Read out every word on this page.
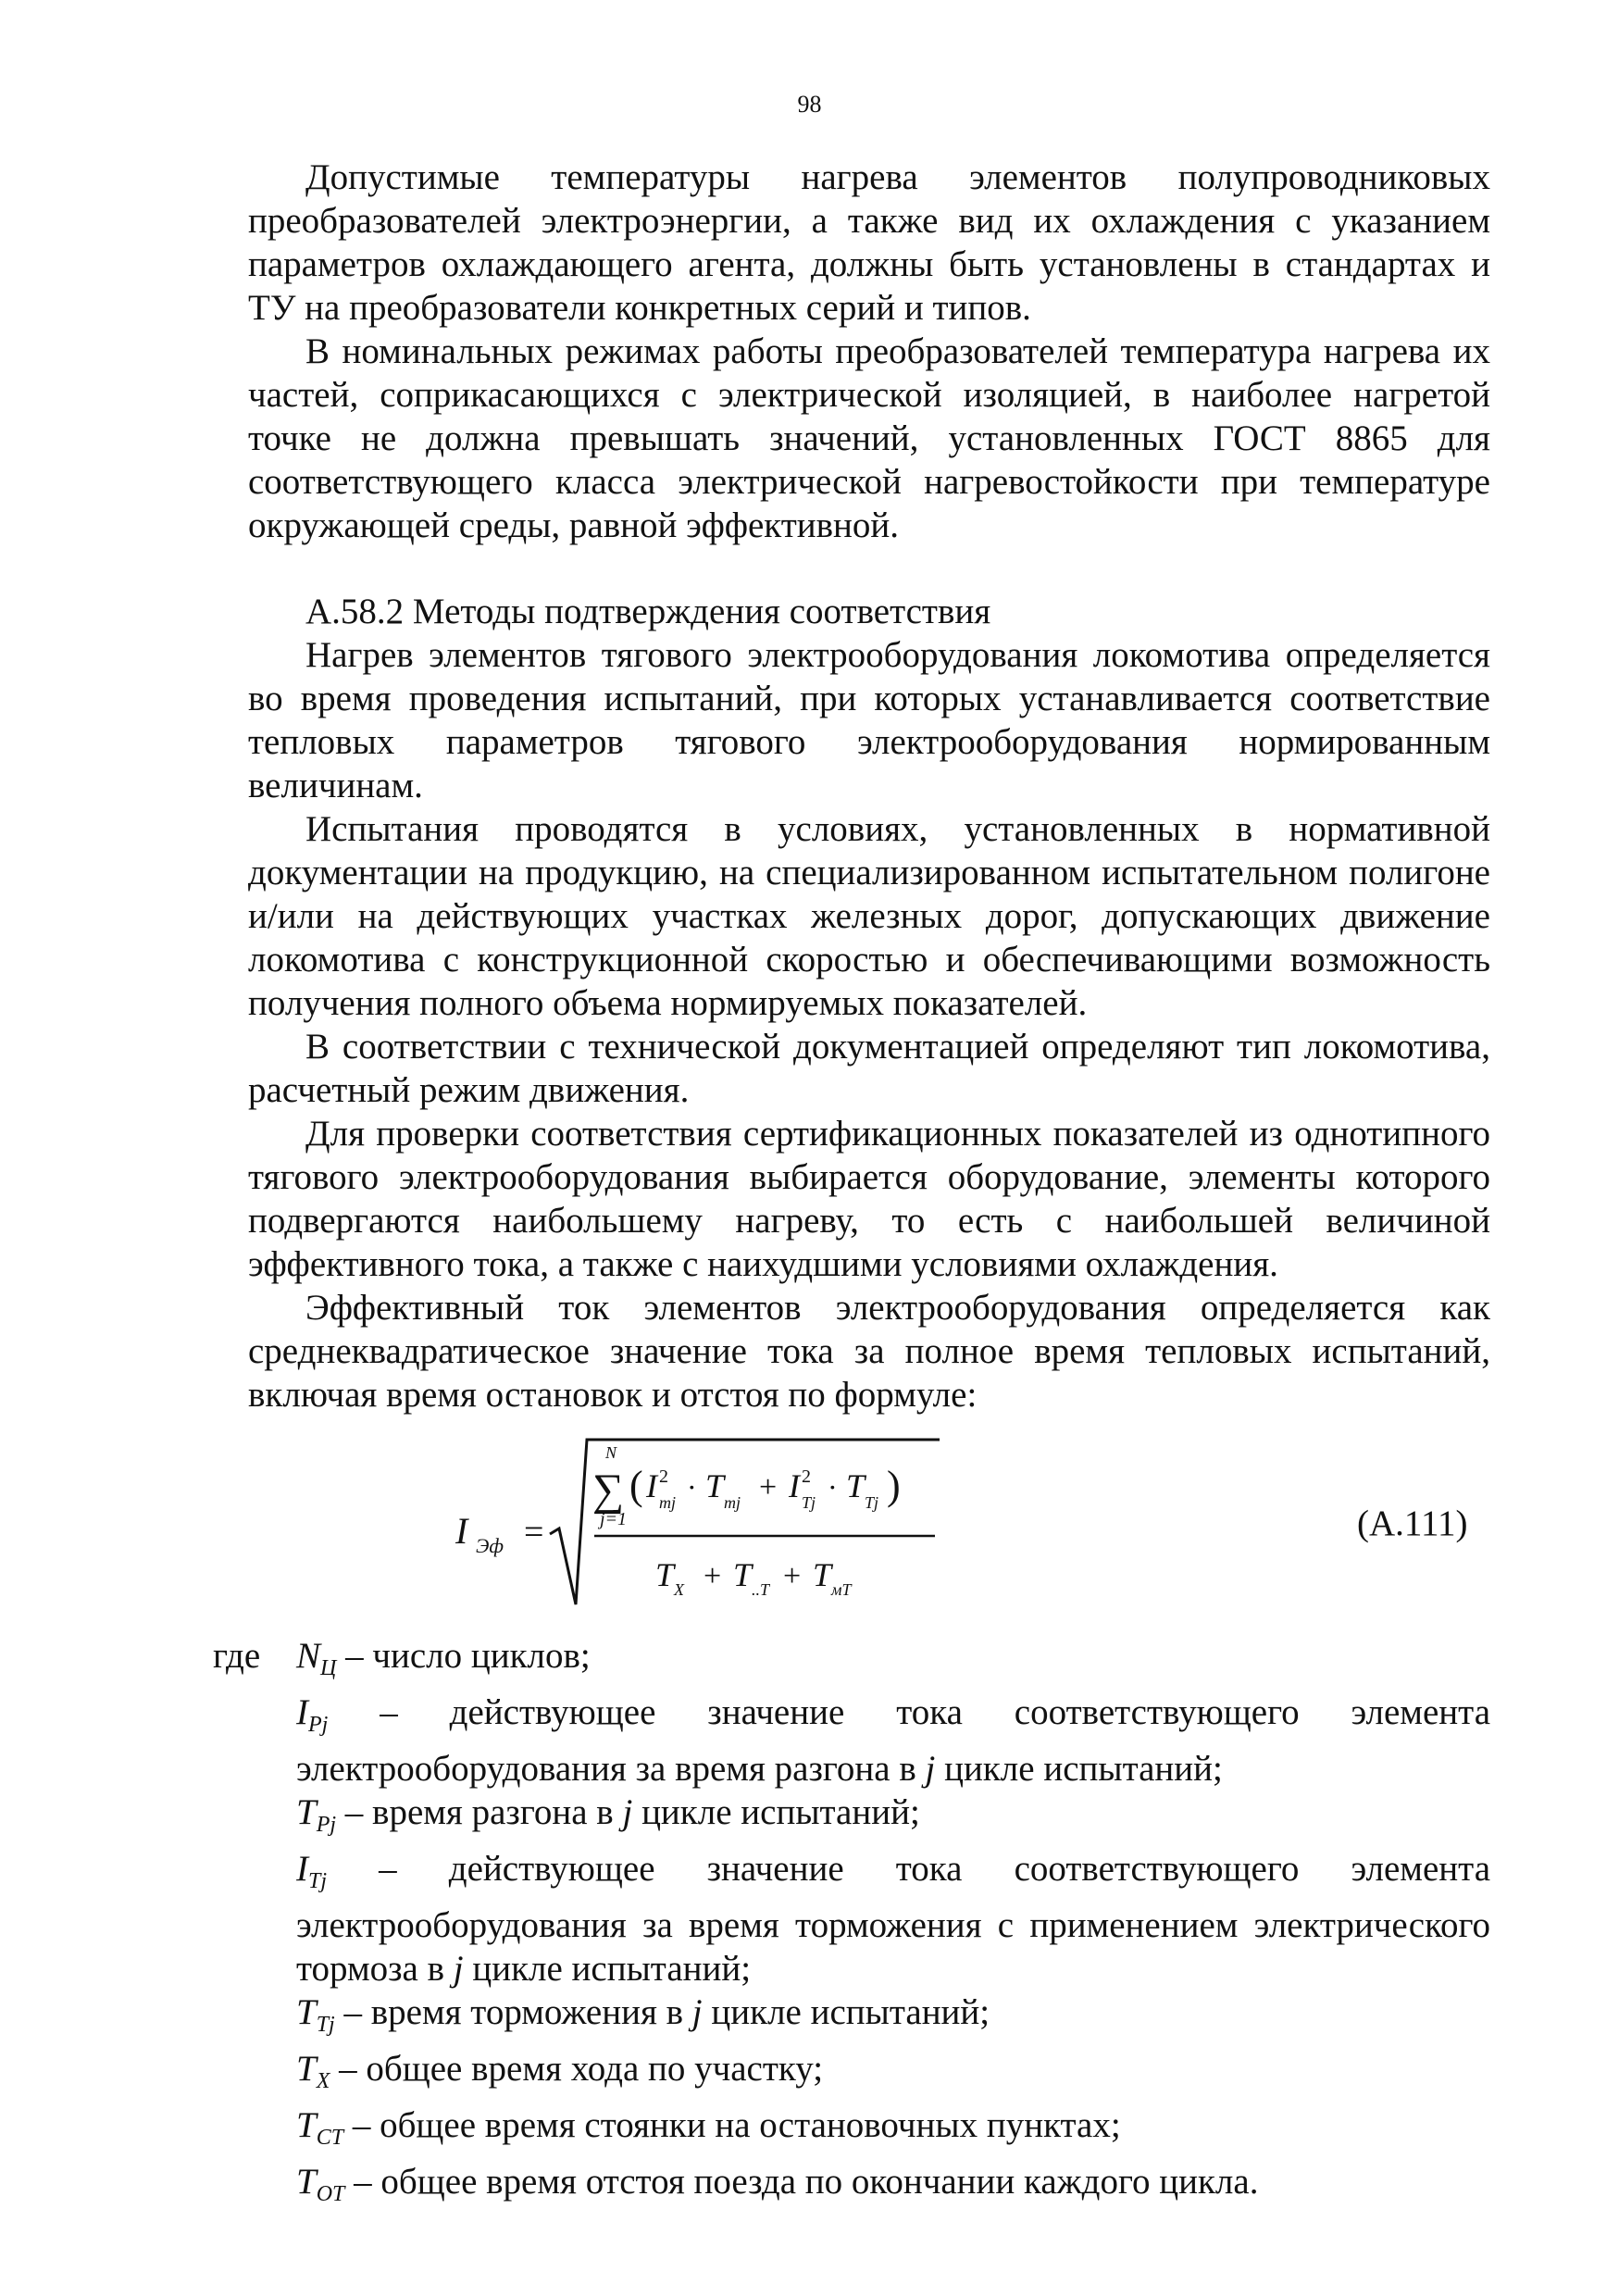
98

Допустимые температуры нагрева элементов полупроводниковых преобразователей электроэнергии, а также вид их охлаждения с указанием параметров охлаждающего агента, должны быть установлены в стандартах и ТУ на преобразователи конкретных серий и типов.

В номинальных режимах работы преобразователей температура нагрева их частей, соприкасающихся с электрической изоляцией, в наиболее нагретой точке не должна превышать значений, установленных ГОСТ 8865 для соответствующего класса электрической нагревостойкости при температуре окружающей среды, равной эффективной.

А.58.2 Методы подтверждения соответствия

Нагрев элементов тягового электрооборудования локомотива определяется во время проведения испытаний, при которых устанавливается соответствие тепловых параметров тягового электрооборудования нормированным величинам.

Испытания проводятся в условиях, установленных в нормативной документации на продукцию, на специализированном испытательном полигоне и/или на действующих участках железных дорог, допускающих движение локомотива с конструкционной скоростью и обеспечивающими возможность получения полного объема нормируемых показателей.

В соответствии с технической документацией определяют тип локомотива, расчетный режим движения.

Для проверки соответствия сертификационных показателей из однотипного тягового электрооборудования выбирается оборудование, элементы которого подвергаются наибольшему нагреву, то есть с наибольшей величиной эффективного тока, а также с наихудшими условиями охлаждения.

Эффективный ток элементов электрооборудования определяется как среднеквадратическое значение тока за полное время тепловых испытаний, включая время остановок и отстоя по формуле:

I Эф =
∑
N
j=1
( I 2
mj · T mj + I 2
Tj · T Tj )
T X + T ..T + T мT
(А.111)
где $N_Ц$ – число циклов;
$I_{Pj}$ – действующее значение тока соответствующего элемента электрооборудования за время разгона в j цикле испытаний;
$T_{Pj}$ – время разгона в j цикле испытаний;
$I_{Tj}$ – действующее значение тока соответствующего элемента электрооборудования за время торможения с применением электрического тормоза в j цикле испытаний;
$T_{Tj}$ – время торможения в j цикле испытаний;
$T_X$ – общее время хода по участку;
$T_{CT}$ – общее время стоянки на остановочных пунктах;
$T_{OT}$ – общее время отстоя поезда по окончании каждого цикла.
